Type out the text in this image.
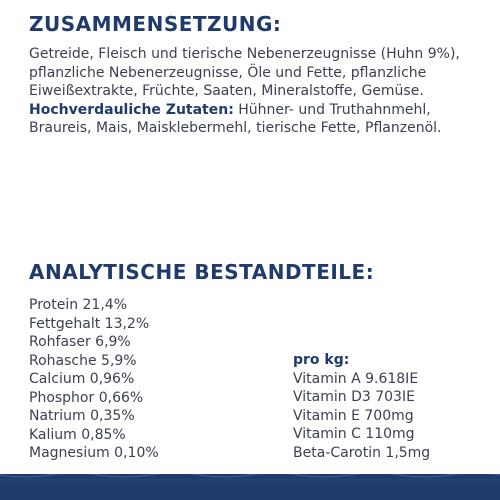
ZUSAMMENSETZUNG:

Getreide, Fleisch und tierische Nebenerzeugnisse (Huhn 9%), pflanzliche Nebenerzeugnisse, Öle und Fette, pflanzliche Eiweißextrakte, Früchte, Saaten, Mineralstoffe, Gemüse.
Hochverdauliche Zutaten: Hühner- und Truthahnmehl, Braureis, Mais, Maisklebermehl, tierische Fette, Pflanzenöl.

ANALYTISCHE BESTANDTEILE:
Protein 21,4%
Fettgehalt 13,2%
Rohfaser 6,9%
Rohasche 5,9%
Calcium 0,96%
Phosphor 0,66%
Natrium 0,35%
Kalium 0,85%
Magnesium 0,10%
pro kg:
Vitamin A 9.618IE
Vitamin D3 703IE
Vitamin E 700mg
Vitamin C 110mg
Beta-Carotin 1,5mg
